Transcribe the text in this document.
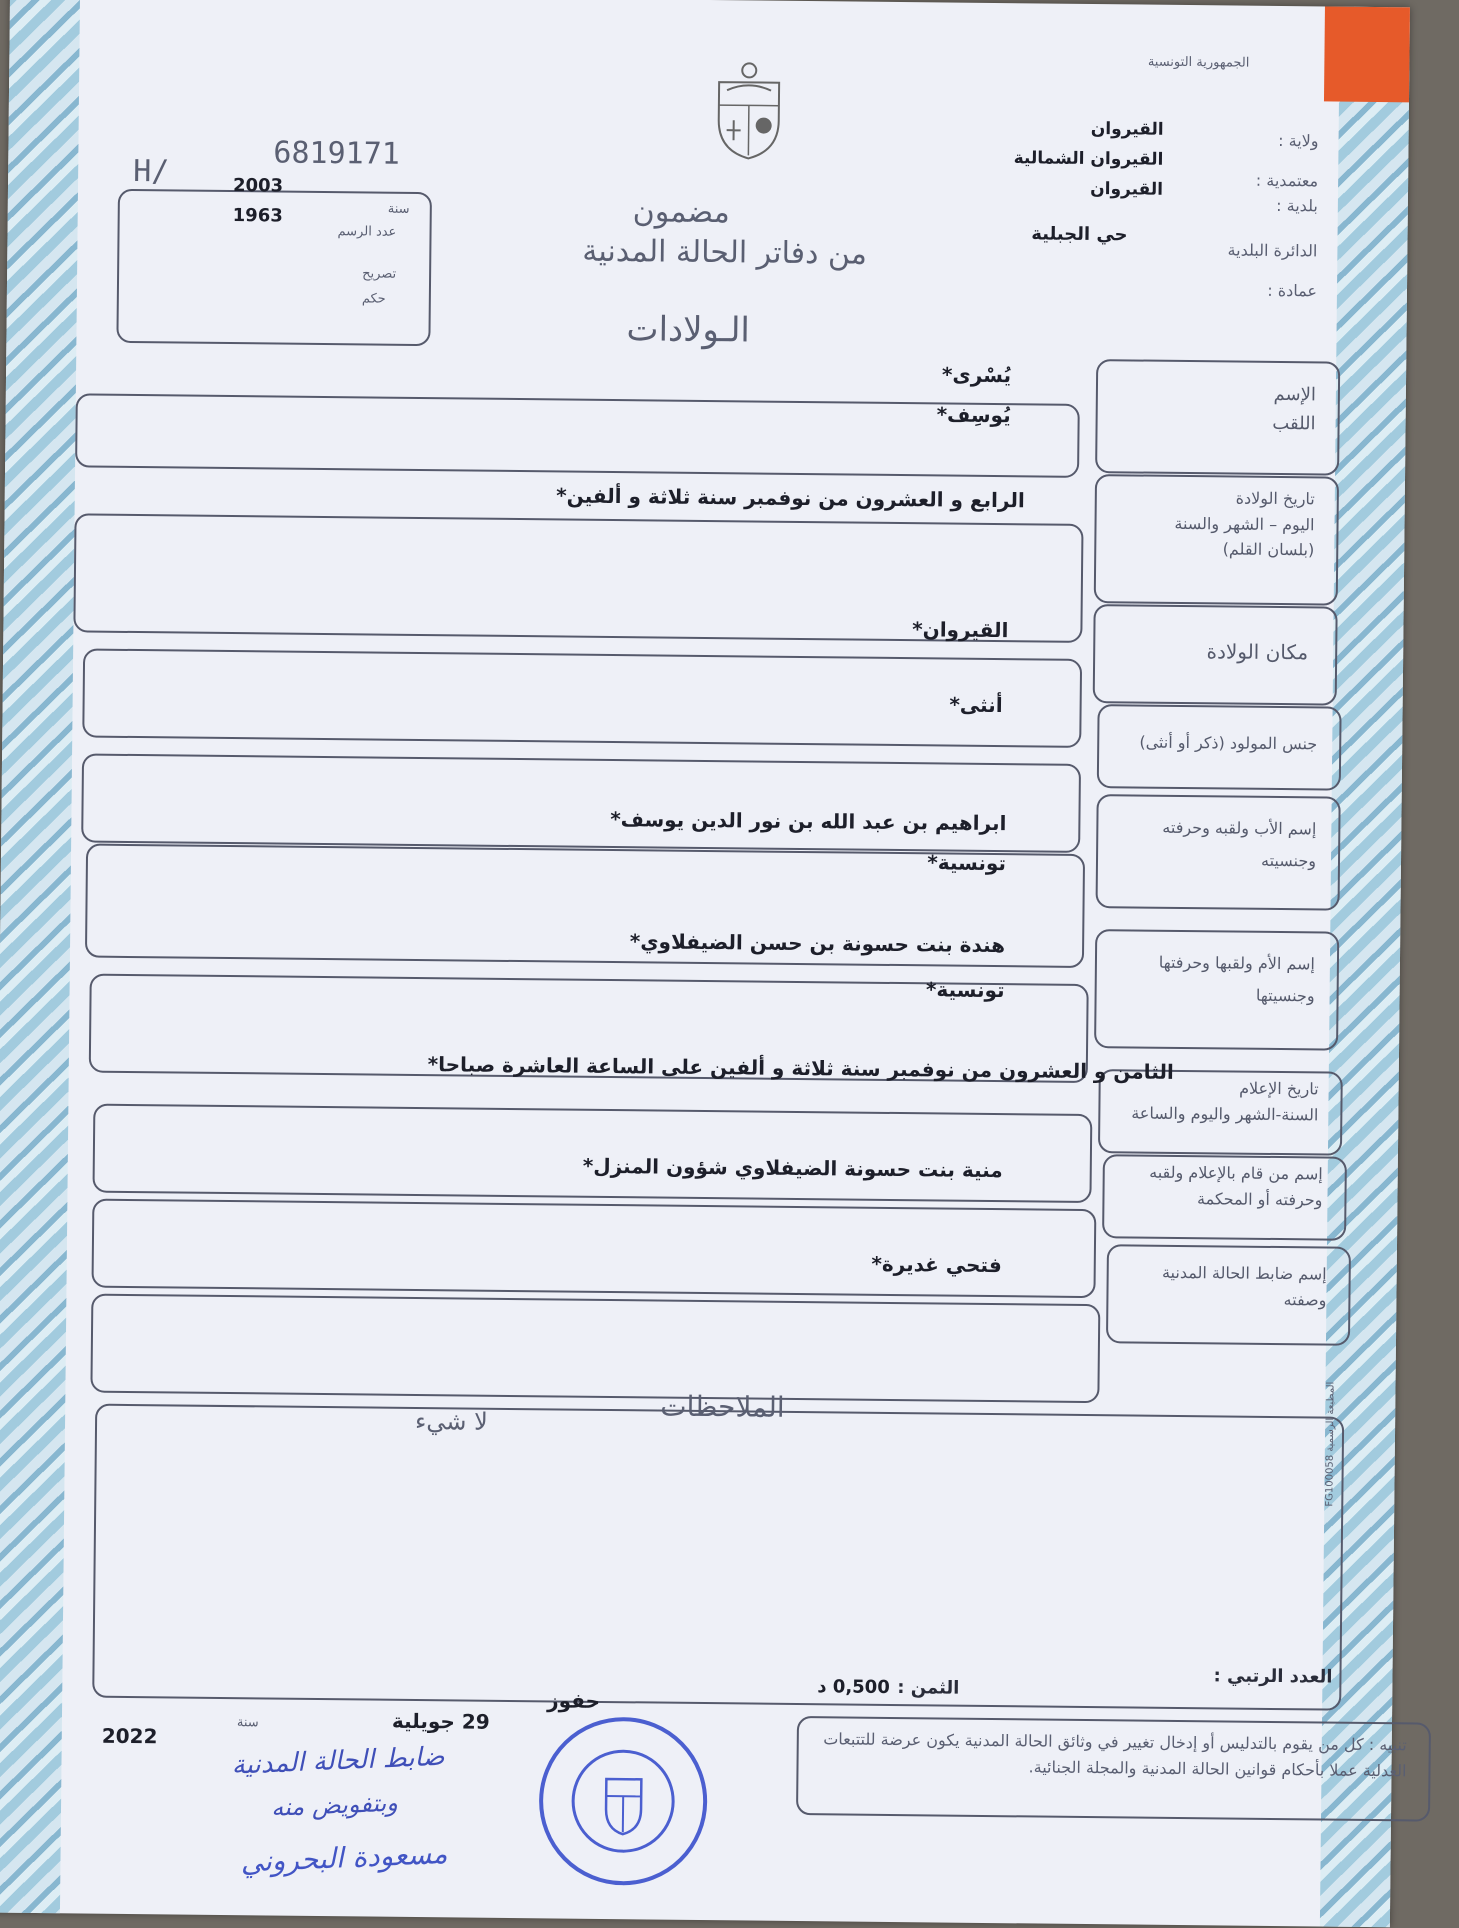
الجمهورية التونسية
ولاية :
القيروان
معتمدية :
القيروان الشمالية
بلدية :
القيروان
الدائرة البلدية
حي الجبلية
عمادة :
مضمون
من دفاتر الحالة المدنية
الـولادات
H/	6819171
2003
سنة
1963
عدد الرسم
تصريح
حكم
الإسم
اللقب
يُسْرى*
يُوسِف*
تاريخ الولادة
اليوم – الشهر والسنة
(بلسان القلم)
الرابع و العشرون من نوفمبر سنة ثلاثة و ألفين*
مكان الولادة
القيروان*
جنس المولود (ذكر أو أنثى)
أنثى*
إسم الأب ولقبه وحرفته
وجنسيته
ابراهيم بن عبد الله بن نور الدين يوسف*
تونسية*
إسم الأم ولقبها وحرفتها
وجنسيتها
هندة بنت حسونة بن حسن الضيفلاوي*
تونسية*
تاريخ الإعلام
السنة-الشهر واليوم والساعة
الثامن و العشرون من نوفمبر سنة ثلاثة و ألفين على الساعة العاشرة صباحا*
إسم من قام بالإعلام ولقبه
وحرفته أو المحكمة
منية بنت حسونة الضيفلاوي شؤون المنزل*
إسم ضابط الحالة المدنية
وصفته
فتحي غديرة*
الملاحظات
لا شيء
المطبعة الرسمية FG100058
العدد الرتبي :
الثمن :
0,500 د
تنبيه : كل من يقوم بالتدليس أو إدخال تغيير في وثائق الحالة المدنية يكون عرضة للتتبعات العدلية عملا بأحكام قوانين الحالة المدنية والمجلة الجنائية.
حفوز
29 جويلية
سنة
2022
ضابط الحالة المدنية
وبتفويض منه
مسعودة البحروني
